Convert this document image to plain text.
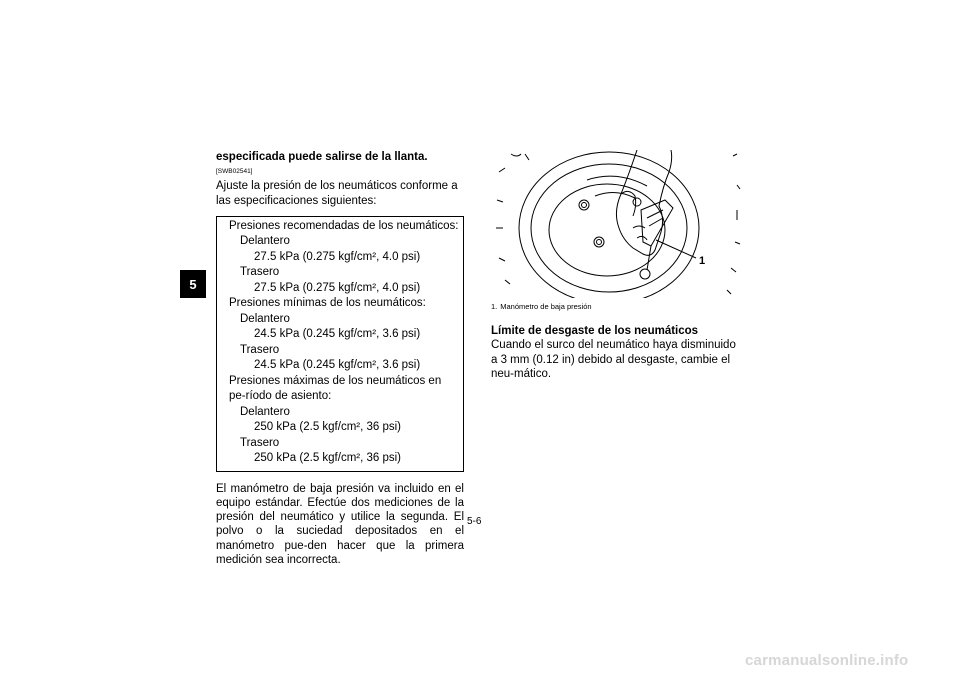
5

especificada puede salirse de la llanta. [SWB02541]

Ajuste la presión de los neumáticos conforme a las especificaciones siguientes:

Presiones recomendadas de los neumáticos:
Delantero
27.5 kPa (0.275 kgf/cm², 4.0 psi)
Trasero
27.5 kPa (0.275 kgf/cm², 4.0 psi)
Presiones mínimas de los neumáticos:
Delantero
24.5 kPa (0.245 kgf/cm², 3.6 psi)
Trasero
24.5 kPa (0.245 kgf/cm², 3.6 psi)
Presiones máximas de los neumáticos en pe-ríodo de asiento:
Delantero
250 kPa (2.5 kgf/cm², 36 psi)
Trasero
250 kPa (2.5 kgf/cm², 36 psi)

El manómetro de baja presión va incluido en el equipo estándar. Efectúe dos mediciones de la presión del neumático y utilice la segunda. El polvo o la suciedad depositados en el manómetro pue-den hacer que la primera medición sea incorrecta.

1

1. Manómetro de baja presión

Límite de desgaste de los neumáticos

Cuando el surco del neumático haya disminuido a 3 mm (0.12 in) debido al desgaste, cambie el neu-mático.

5-6
carmanualsonline.info
